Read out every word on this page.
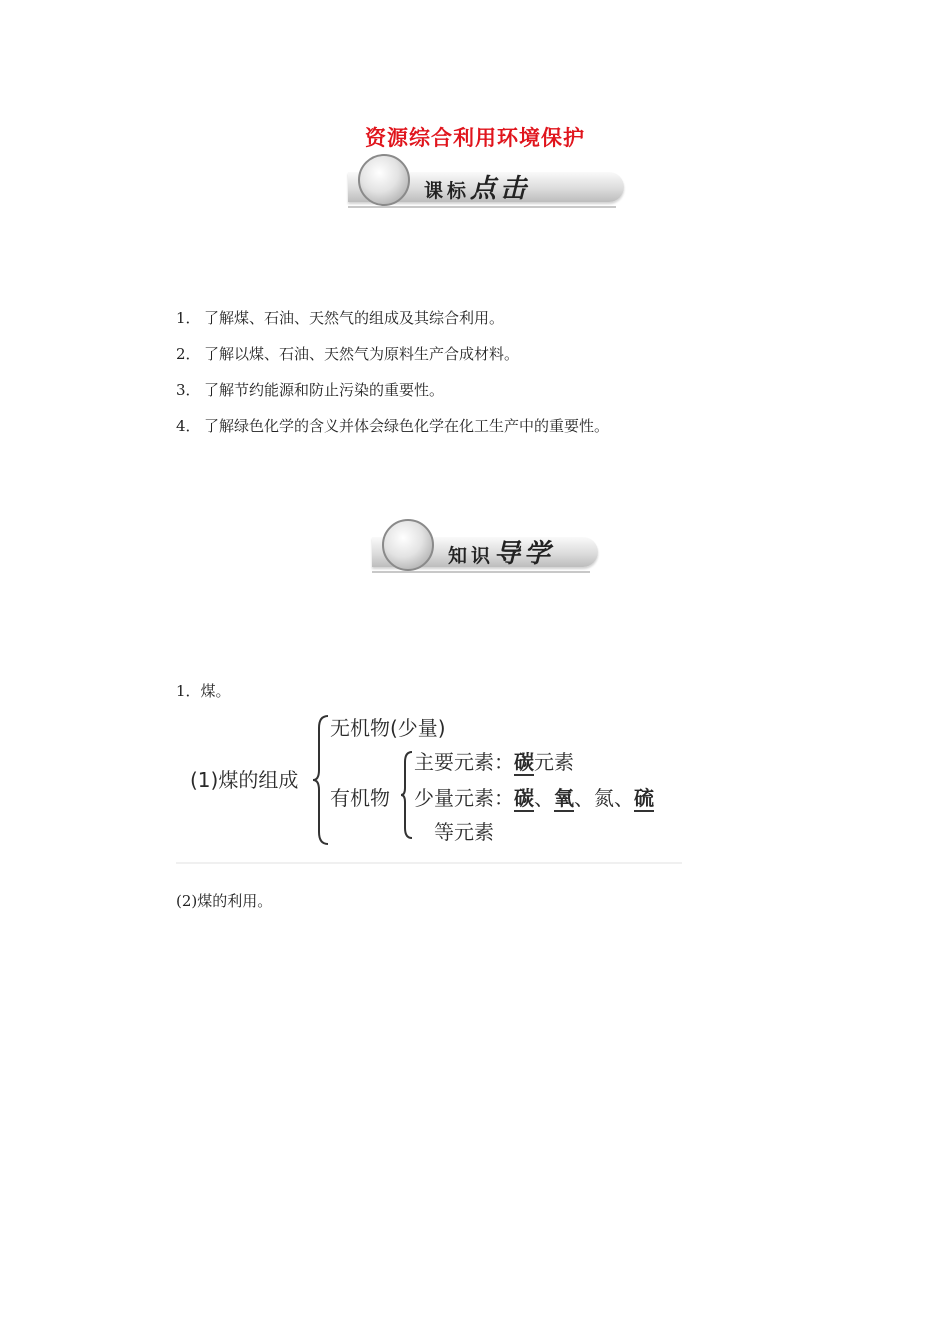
资源综合利用环境保护
课标点击
1． 了解煤、石油、天然气的组成及其综合利用。
2． 了解以煤、石油、天然气为原料生产合成材料。
3． 了解节约能源和防止污染的重要性。
4． 了解绿色化学的含义并体会绿色化学在化工生产中的重要性。
知识导学
1．煤。
(1)煤的组成
无机物(少量)
有机物
主要元素：碳元素
少量元素：碳、氧、氮、硫
等元素
(2)煤的利用。
